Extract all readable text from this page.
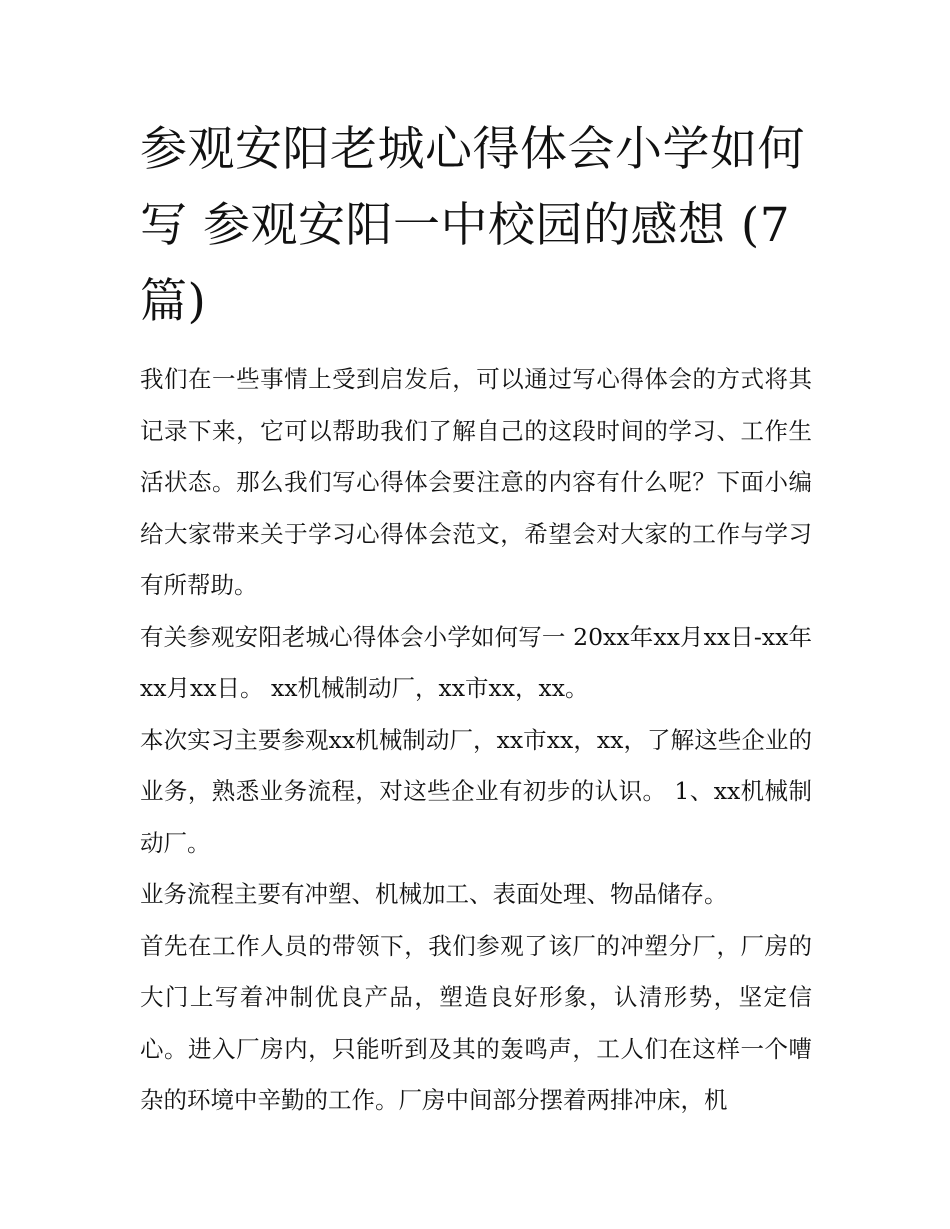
参观安阳老城心得体会小学如何写 参观安阳一中校园的感想 (7篇)

我们在一些事情上受到启发后，可以通过写心得体会的方式将其记录下来，它可以帮助我们了解自己的这段时间的学习、工作生活状态。那么我们写心得体会要注意的内容有什么呢？下面小编给大家带来关于学习心得体会范文，希望会对大家的工作与学习有所帮助。

有关参观安阳老城心得体会小学如何写一 20xx年xx月xx日-xx年xx月xx日。 xx机械制动厂，xx市xx，xx。

本次实习主要参观xx机械制动厂，xx市xx，xx，了解这些企业的业务，熟悉业务流程，对这些企业有初步的认识。 1、xx机械制动厂。

业务流程主要有冲塑、机械加工、表面处理、物品储存。

首先在工作人员的带领下，我们参观了该厂的冲塑分厂，厂房的大门上写着冲制优良产品，塑造良好形象，认清形势，坚定信心。进入厂房内，只能听到及其的轰鸣声，工人们在这样一个嘈杂的环境中辛勤的工作。厂房中间部分摆着两排冲床，机
